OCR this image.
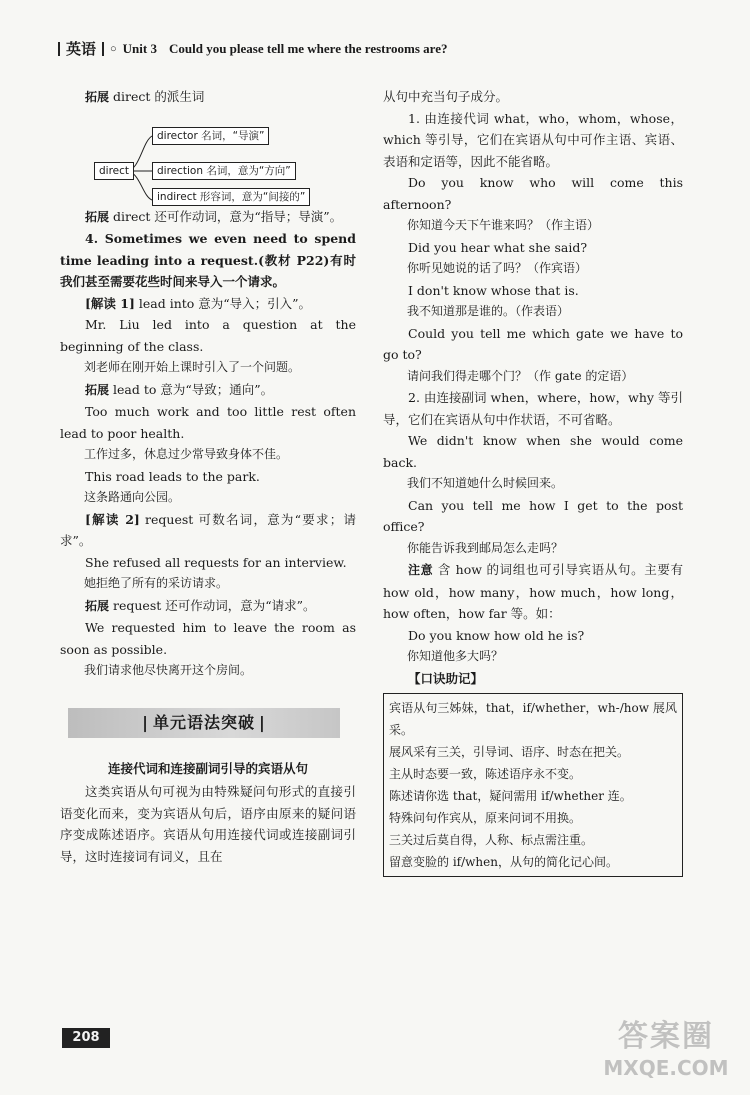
英语 ○ Unit 3 Could you please tell me where the restrooms are?

拓展 direct 的派生词

direct
director 名词，“导演”
direction 名词，意为“方向”
indirect 形容词，意为“间接的”

拓展 direct 还可作动词，意为“指导；导演”。

4. Sometimes we even need to spend time leading into a request.(教材 P22)有时我们甚至需要花些时间来导入一个请求。

[解读 1] lead into 意为“导入；引入”。

Mr. Liu led into a question at the beginning of the class.

刘老师在刚开始上课时引入了一个问题。

拓展 lead to 意为“导致；通向”。

Too much work and too little rest often lead to poor health.

工作过多，休息过少常导致身体不佳。

This road leads to the park.

这条路通向公园。

[解读 2] request 可数名词，意为“要求；请求”。

She refused all requests for an interview.

她拒绝了所有的采访请求。

拓展 request 还可作动词，意为“请求”。

We requested him to leave the room as soon as possible.

我们请求他尽快离开这个房间。

| 单元语法突破 |

连接代词和连接副词引导的宾语从句

这类宾语从句可视为由特殊疑问句形式的直接引语变化而来，变为宾语从句后，语序由原来的疑问语序变成陈述语序。宾语从句用连接代词或连接副词引导，这时连接词有词义，且在

从句中充当句子成分。

1. 由连接代词 what，who，whom，whose，which 等引导，它们在宾语从句中可作主语、宾语、表语和定语等，因此不能省略。

Do you know who will come this afternoon?

你知道今天下午谁来吗？（作主语）

Did you hear what she said?

你听见她说的话了吗？（作宾语）

I don't know whose that is.

我不知道那是谁的。（作表语）

Could you tell me which gate we have to go to?

请问我们得走哪个门？（作 gate 的定语）

2. 由连接副词 when，where，how，why 等引导，它们在宾语从句中作状语，不可省略。

We didn't know when she would come back.

我们不知道她什么时候回来。

Can you tell me how I get to the post office?

你能告诉我到邮局怎么走吗？

注意 含 how 的词组也可引导宾语从句。主要有 how old，how many，how much，how long，how often，how far 等。如：

Do you know how old he is?

你知道他多大吗？

【口诀助记】

宾语从句三姊妹，that，if/whether，wh-/how 展风采。

展风采有三关，引导词、语序、时态在把关。

主从时态要一致，陈述语序永不变。

陈述请你选 that，疑问需用 if/whether 连。

特殊问句作宾从，原来问词不用换。

三关过后莫自得，人称、标点需注重。

留意变脸的 if/when，从句的简化记心间。

208	答案圈
MXQE.COM
